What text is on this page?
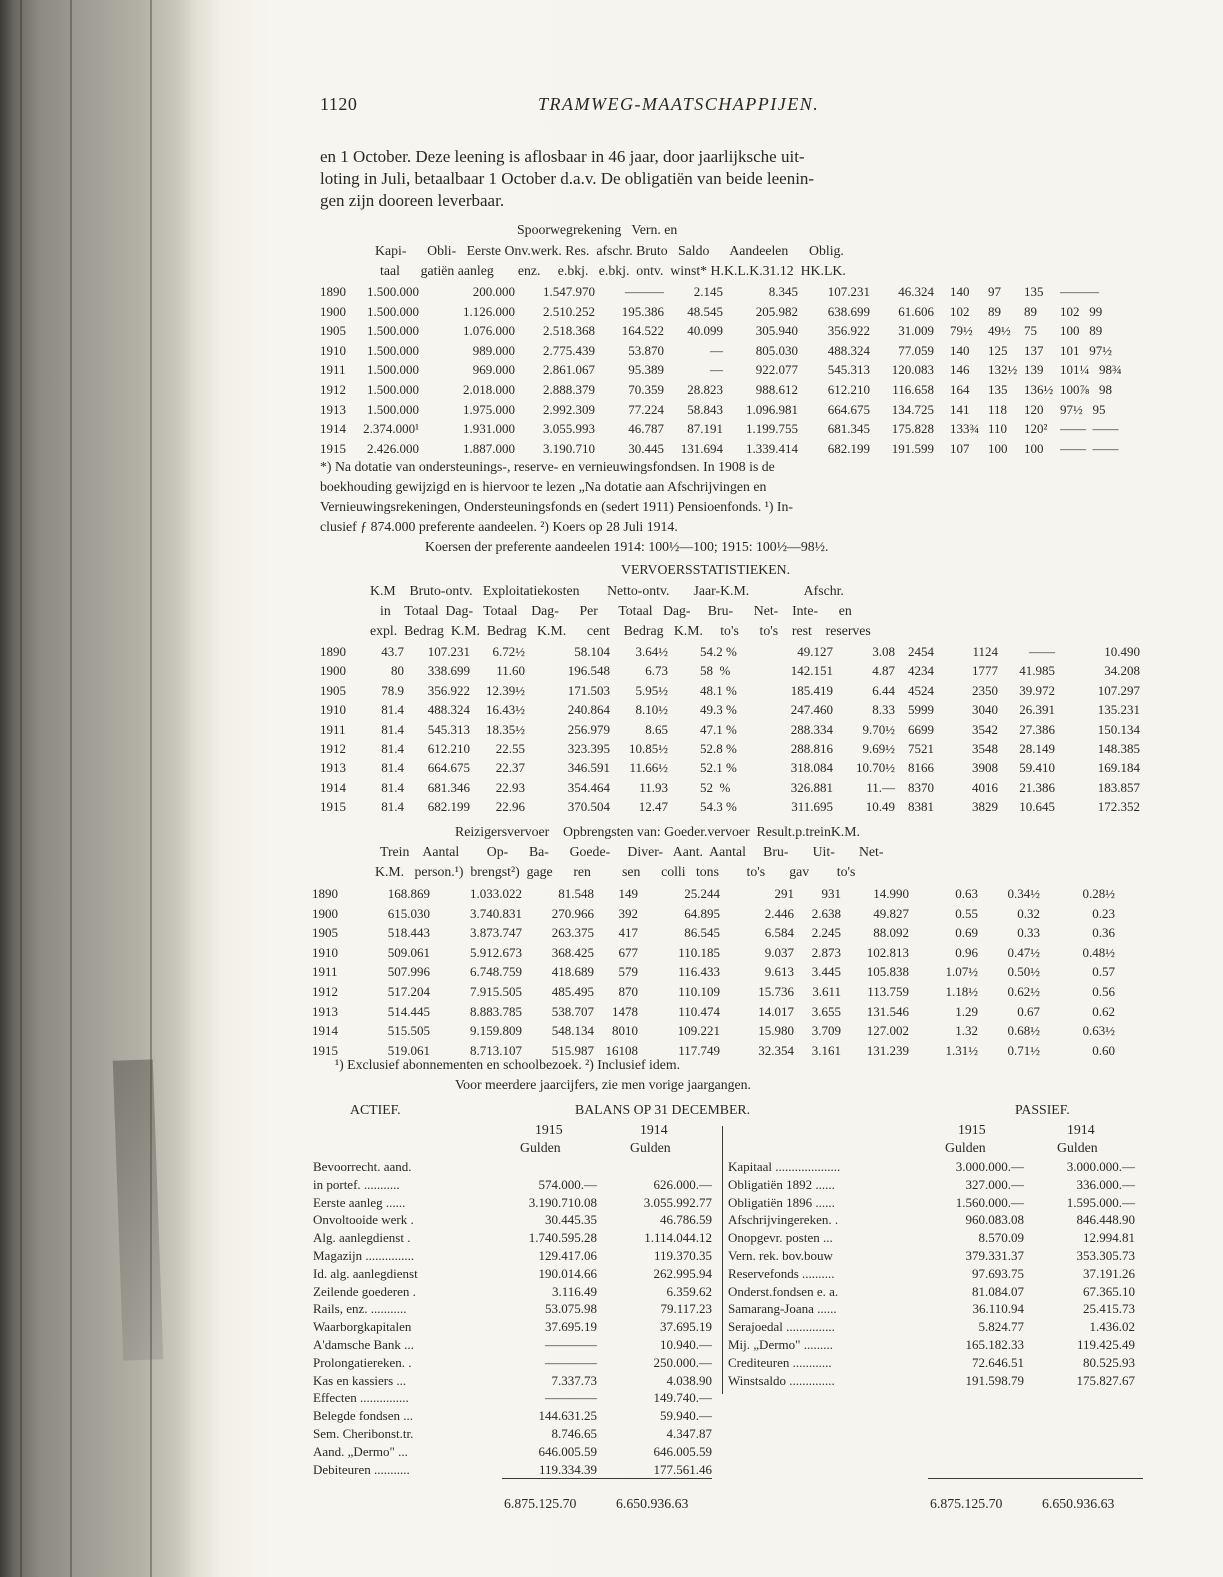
1120	TRAMWEG-MAATSCHAPPIJEN.
en 1 October. Deze leening is aflosbaar in 46 jaar, door jaarlijksche uit-
loting in Juli, betaalbaar 1 October d.a.v. De obligatiën van beide leenin-
gen zijn dooreen leverbaar.
Spoorwegrekening   Vern. en
Kapi-      Obli-   Eerste Onv.werk. Res.  afschr. Bruto   Saldo      Aandeelen      Oblig.
taal      gatiën aanleg       enz.     e.bkj.   e.bkj.  ontv.  winst* H.K.L.K.31.12  HK.LK.
1890 1.500.000	200.000 1.547.970 ——— 2.145	8.345 107.231 46.324 140 97 135 ———
1900 1.500.000	1.126.000 2.510.252 195.386 48.545	205.982 638.699 61.606 102 89 89 102   99
1905 1.500.000	1.076.000 2.518.368 164.522 40.099	305.940 356.922 31.009 79½ 49½ 75 100   89
1910 1.500.000	989.000 2.775.439	53.870	—	805.030 488.324 77.059 140 125 137 101   97½
1911 1.500.000	969.000 2.861.067	95.389	—	922.077 545.313 120.083 146 132½ 139 101¼   98¾
1912 1.500.000	2.018.000 2.888.379	70.359 28.823	988.612 612.210 116.658 164 135 136½ 100⅞   98
1913 1.500.000	1.975.000 2.992.309	77.224 58.843 1.096.981 664.675 134.725 141 118 120 97½   95
1914 2.374.000¹	1.931.000 3.055.993	46.787 87.191 1.199.755 681.345 175.828 133¾ 110 120² ——  ——
1915 2.426.000	1.887.000 3.190.710	30.445 131.694 1.339.414 682.199 191.599 107 100 100 ——  ——
*) Na dotatie van ondersteunings-, reserve- en vernieuwingsfondsen. In 1908 is de
boekhouding gewijzigd en is hiervoor te lezen „Na dotatie aan Afschrijvingen en
Vernieuwingsrekeningen, Ondersteuningsfonds en (sedert 1911) Pensioenfonds. ¹) In-
clusief ƒ 874.000 preferente aandeelen. ²) Koers op 28 Juli 1914.
Koersen der preferente aandeelen 1914: 100½—100; 1915: 100½—98½.
VERVOERSSTATISTIEKEN.
K.M    Bruto-ontv.   Exploitatiekosten        Netto-ontv.       Jaar-K.M.                Afschr.
in    Totaal  Dag-   Totaal    Dag-      Per      Totaal   Dag-     Bru-      Net-    Inte-      en
expl.  Bedrag  K.M.  Bedrag   K.M.      cent    Bedrag   K.M.     to's      to's    rest    reserves
1890	43.7 107.231 6.72½	58.104 3.64½ 54.2 %	49.127	3.08 2454	1124 ——	10.490
1900	80 338.699 11.60	196.548	6.73 58  %	142.151	4.87 4234	1777 41.985	34.208
1905	78.9 356.922 12.39½	171.503 5.95½ 48.1 %	185.419	6.44 4524	2350 39.972	107.297
1910	81.4 488.324 16.43½	240.864 8.10½ 49.3 %	247.460	8.33 5999	3040 26.391	135.231
1911	81.4 545.313 18.35½	256.979	8.65 47.1 %	288.334 9.70½ 6699	3542 27.386	150.134
1912	81.4 612.210 22.55	323.395 10.85½ 52.8 %	288.816 9.69½ 7521	3548 28.149	148.385
1913	81.4 664.675 22.37	346.591 11.66½ 52.1 %	318.084 10.70½ 8166	3908 59.410	169.184
1914	81.4 681.346 22.93	354.464 11.93 52  %	326.881	11.— 8370	4016 21.386	183.857
1915	81.4 682.199 22.96	370.504 12.47 54.3 %	311.695	10.49 8381	3829 10.645	172.352
Reizigersvervoer    Opbrengsten van: Goeder.vervoer  Result.p.treinK.M.
Trein    Aantal        Op-      Ba-      Goede-     Diver-   Aant.  Aantal     Bru-       Uit-       Net-
K.M.   person.¹)  brengst²)  gage      ren         sen      colli   tons        to's       gav        to's
1890	168.869	1.033.022	81.548 149	25.244	291 931 14.990	0.63 0.34½	0.28½
1900	615.030	3.740.831 270.966 392	64.895	2.446 2.638 49.827	0.55	0.32	0.23
1905	518.443	3.873.747 263.375 417	86.545	6.584 2.245 88.092	0.69	0.33	0.36
1910	509.061	5.912.673 368.425 677	110.185	9.037 2.873 102.813	0.96 0.47½	0.48½
1911	507.996	6.748.759 418.689 579	116.433	9.613 3.445 105.838	1.07½ 0.50½	0.57
1912	517.204	7.915.505 485.495 870	110.109	15.736 3.611 113.759	1.18½ 0.62½	0.56
1913	514.445	8.883.785 538.707 1478	110.474	14.017 3.655 131.546	1.29	0.67	0.62
1914	515.505	9.159.809 548.134 8010	109.221	15.980 3.709 127.002	1.32 0.68½	0.63½
1915	519.061	8.713.107 515.987 16108	117.749	32.354 3.161 131.239	1.31½ 0.71½	0.60
¹) Exclusief abonnementen en schoolbezoek. ²) Inclusief idem.
Voor meerdere jaarcijfers, zie men vorige jaargangen.
ACTIEF.	BALANS OP 31 DECEMBER.	PASSIEF.
1915	1914
Gulden	Gulden
1915	1914
Gulden	Gulden
Bevoorrecht. aand.
in portef. ...........	574.000.—	626.000.—
Eerste aanleg ......	3.190.710.08	3.055.992.77
Onvoltooide werk .	30.445.35	46.786.59
Alg. aanlegdienst .	1.740.595.28	1.114.044.12
Magazijn ...............	129.417.06	119.370.35
Id. alg. aanlegdienst	190.014.66	262.995.94
Zeilende goederen .	3.116.49	6.359.62
Rails, enz. ...........	53.075.98	79.117.23
Waarborgkapitalen	37.695.19	37.695.19
A'damsche Bank ...	————	10.940.—
Prolongatiereken. .	————	250.000.—
Kas en kassiers ...	7.337.73	4.038.90
Effecten ...............	————	149.740.—
Belegde fondsen ...	144.631.25	59.940.—
Sem. Cheribonst.tr.	8.746.65	4.347.87
Aand. „Dermo" ...	646.005.59	646.005.59
Debiteuren ...........	119.334.39	177.561.46
Kapitaal ....................	3.000.000.—	3.000.000.—
Obligatiën 1892 ......	327.000.—	336.000.—
Obligatiën 1896 ......	1.560.000.—	1.595.000.—
Afschrijvingereken. .	960.083.08	846.448.90
Onopgevr. posten ...	8.570.09	12.994.81
Vern. rek. bov.bouw	379.331.37	353.305.73
Reservefonds ..........	97.693.75	37.191.26
Onderst.fondsen e. a.	81.084.07	67.365.10
Samarang-Joana ......	36.110.94	25.415.73
Serajoedal ...............	5.824.77	1.436.02
Mij. „Dermo" .........	165.182.33	119.425.49
Crediteuren ............	72.646.51	80.525.93
Winstsaldo ..............	191.598.79	175.827.67
6.875.125.70	6.650.936.63	6.875.125.70	6.650.936.63
